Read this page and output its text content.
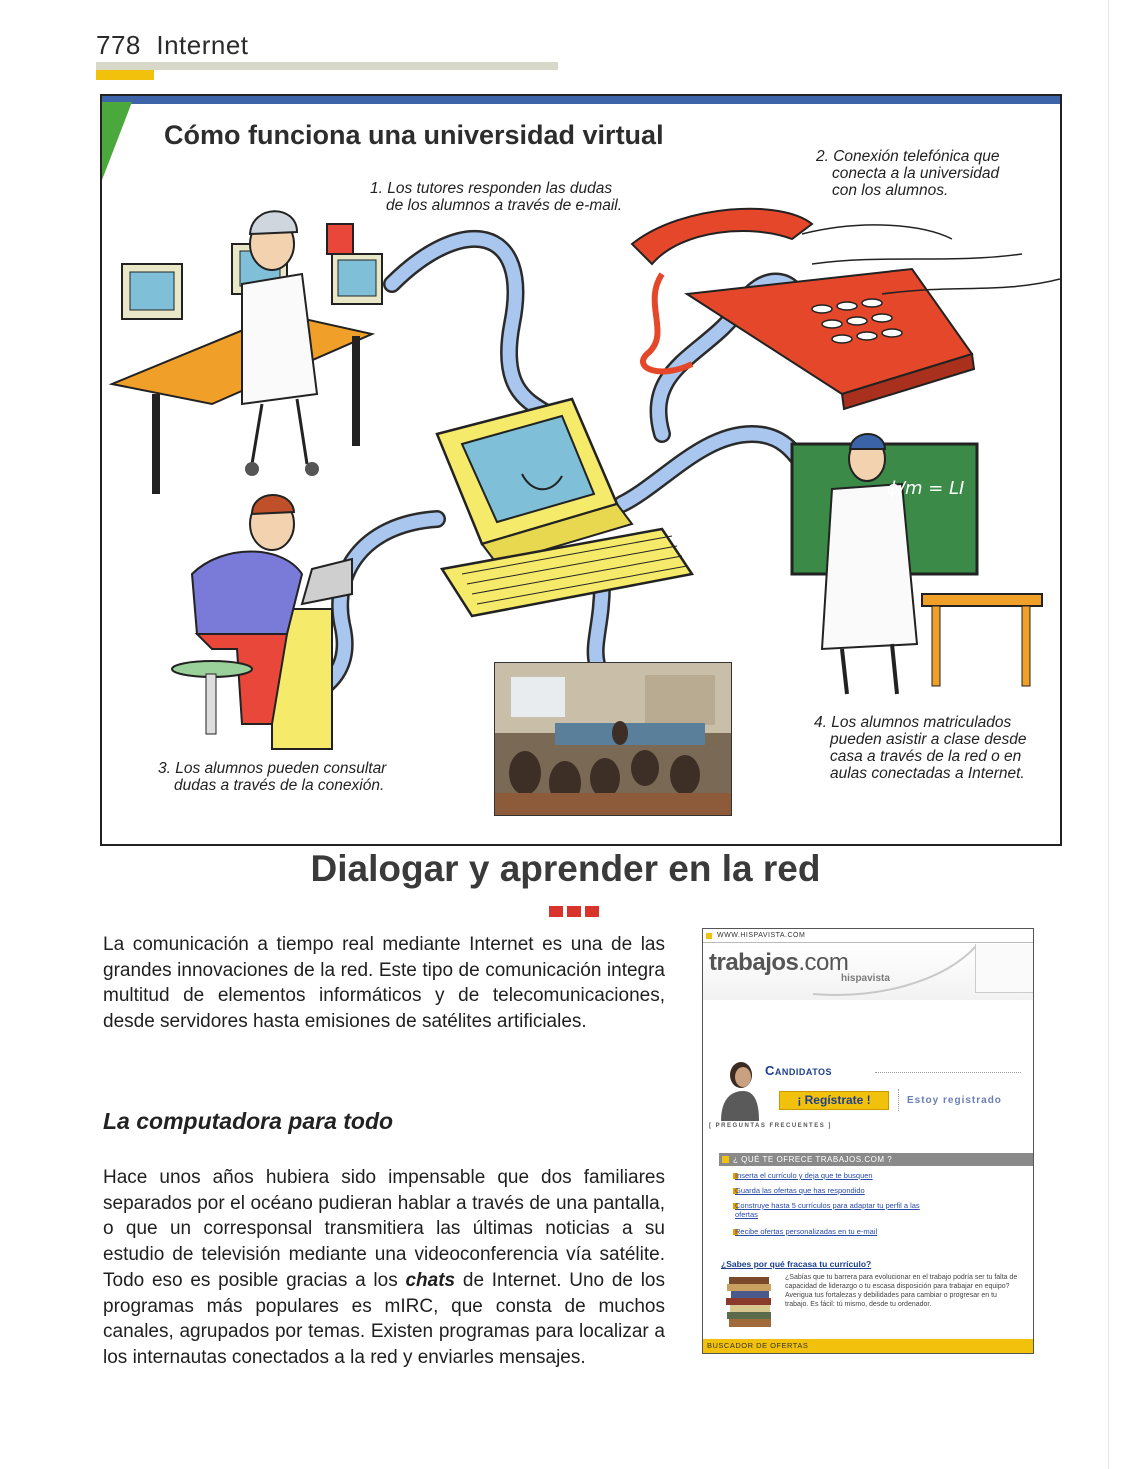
778 Internet
ϕ/m = LI
Cómo funciona una universidad virtual
1. Los tutores responden las dudas
de los alumnos a través de e-mail.
2. Conexión telefónica que
conecta a la universidad
con los alumnos.
3. Los alumnos pueden consultar
dudas a través de la conexión.
4. Los alumnos matriculados
pueden asistir a clase desde
casa a través de la red o en
aulas conectadas a Internet.
Dialogar y aprender en la red
La comunicación a tiempo real mediante Internet es una de las grandes innovaciones de la red. Este tipo de comunicación integra multitud de elementos informáticos y de telecomunicaciones, desde servidores hasta emisiones de satélites artificiales.
La computadora para todo
Hace unos años hubiera sido impensable que dos familiares separados por el océano pudieran hablar a través de una pantalla, o que un corresponsal transmitiera las últimas noticias a su estudio de televisión mediante una videoconferencia vía satélite. Todo eso es posible gracias a los chats de Internet. Uno de los programas más populares es mIRC, que consta de muchos canales, agrupados por temas. Existen programas para localizar a los internautas conectados a la red y enviarles mensajes.
WWW.HISPAVISTA.COM
trabajos.com
hispavista
Candidatos
¡ Regístrate !	Estoy registrado
[ PREGUNTAS FRECUENTES ]
¿ QUÉ TE OFRECE TRABAJOS.COM ?
Inserta el currículo y deja que te busquen
Guarda las ofertas que has respondido
Construye hasta 5 currículos para adaptar tu perfil a las
ofertas
Recibe ofertas personalizadas en tu e-mail
¿Sabes por qué fracasa tu currículo?
¿Sabías que tu barrera para evolucionar en el trabajo podría ser tu falta de capacidad de liderazgo o tu escasa disposición para trabajar en equipo? Averigua tus fortalezas y debilidades para cambiar o progresar en tu trabajo. Es fácil: tú mismo, desde tu ordenador.
BUSCADOR DE OFERTAS
